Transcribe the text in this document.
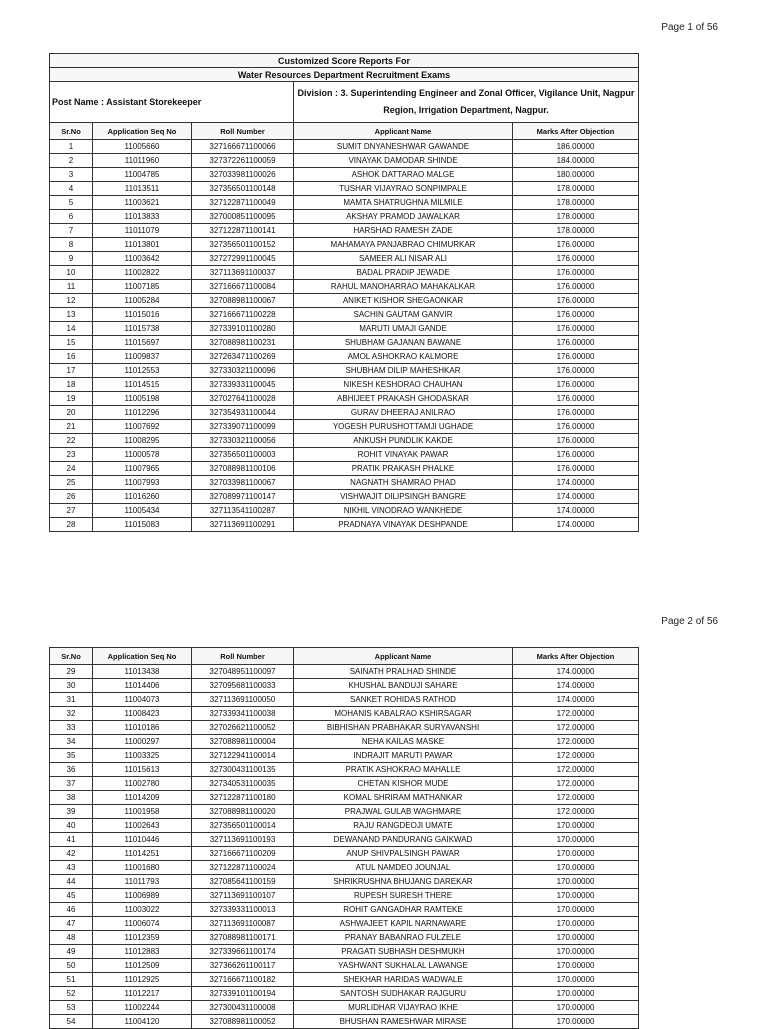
Page 1 of 56
Customized Score Reports For				
Water Resources Department Recruitment Exams				
Post Name : Assistant Storekeeper			Division : 3. Superintending Engineer and Zonal Officer, Vigilance Unit, Nagpur Region, Irrigation Department, Nagpur.	
Sr.No	Application Seq No	Roll Number	Applicant Name	Marks After Objection
1	11005660	327166671100066	SUMIT DNYANESHWAR GAWANDE	186.00000
2	11011960	327372261100059	VINAYAK DAMODAR SHINDE	184.00000
3	11004785	327033981100026	ASHOK DATTARAO MALGE	180.00000
4	11013511	327356501100148	TUSHAR VIJAYRAO SONPIMPALE	178.00000
5	11003621	327122871100049	MAMTA SHATRUGHNA MILMILE	178.00000
6	11013833	327000851100095	AKSHAY PRAMOD JAWALKAR	178.00000
7	11011079	327122871100141	HARSHAD RAMESH ZADE	178.00000
8	11013801	327356501100152	MAHAMAYA PANJABRAO CHIMURKAR	176.00000
9	11003642	327272991100045	SAMEER ALI NISAR ALI	176.00000
10	11002822	327113691100037	BADAL PRADIP JEWADE	176.00000
11	11007185	327166671100084	RAHUL MANOHARRAO MAHAKALKAR	176.00000
12	11005284	327088981100067	ANIKET KISHOR SHEGAONKAR	176.00000
13	11015016	327166671100228	SACHIN GAUTAM GANVIR	176.00000
14	11015738	327339101100280	MARUTI UMAJI GANDE	176.00000
15	11015697	327088981100231	SHUBHAM GAJANAN BAWANE	176.00000
16	11009837	327263471100269	AMOL ASHOKRAO KALMORE	176.00000
17	11012553	327330321100096	SHUBHAM DILIP MAHESHKAR	176.00000
18	11014515	327339331100045	NIKESH KESHORAO CHAUHAN	176.00000
19	11005198	327027641100028	ABHIJEET PRAKASH GHODASKAR	176.00000
20	11012296	327354931100044	GURAV DHEERAJ ANILRAO	176.00000
21	11007692	327339071100099	YOGESH PURUSHOTTAMJI UGHADE	176.00000
22	11008295	327330321100056	ANKUSH PUNDLIK KAKDE	176.00000
23	11000578	327356501100003	ROHIT VINAYAK PAWAR	176.00000
24	11007965	327088981100106	PRATIK PRAKASH PHALKE	176.00000
25	11007993	327033981100067	NAGNATH SHAMRAO PHAD	174.00000
26	11016260	327089971100147	VISHWAJIT DILIPSINGH BANGRE	174.00000
27	11005434	327113541100287	NIKHIL VINODRAO WANKHEDE	174.00000
28	11015083	327113691100291	PRADNAYA VINAYAK DESHPANDE	174.00000
Page 2 of 56
Sr.No	Application Seq No	Roll Number	Applicant Name	Marks After Objection
29	11013438	327048951100097	SAINATH PRALHAD SHINDE	174.00000
30	11014406	327095681100033	KHUSHAL BANDUJI SAHARE	174.00000
31	11004073	327113691100050	SANKET ROHIDAS RATHOD	174.00000
32	11008423	327339341100038	MOHANIS KABALRAO KSHIRSAGAR	172.00000
33	11010186	327026621100052	BIBHISHAN PRABHAKAR SURYAVANSHI	172.00000
34	11000297	327088981100004	NEHA KAILAS MASKE	172.00000
35	11003325	327122941100014	INDRAJIT MARUTI PAWAR	172.00000
36	11015613	327300431100135	PRATIK ASHOKRAO MAHALLE	172.00000
37	11002780	327340531100035	CHETAN KISHOR MUDE	172.00000
38	11014209	327122871100180	KOMAL SHRIRAM MATHANKAR	172.00000
39	11001958	327088981100020	PRAJWAL GULAB WAGHMARE	172.00000
40	11002643	327356501100014	RAJU RANGDEOJI UMATE	170.00000
41	11010446	327113691100193	DEWANAND PANDURANG GAIKWAD	170.00000
42	11014251	327166671100209	ANUP SHIVPALSINGH PAWAR	170.00000
43	11001680	327122871100024	ATUL NAMDEO JOUNJAL	170.00000
44	11011793	327085641100159	SHRIKRUSHNA BHUJANG DAREKAR	170.00000
45	11006989	327113691100107	RUPESH SURESH THERE	170.00000
46	11003022	327339331100013	ROHIT GANGADHAR RAMTEKE	170.00000
47	11006074	327113691100087	ASHWAJEET KAPIL NARNAWARE	170.00000
48	11012359	327088981100171	PRANAY BABANRAO FULZELE	170.00000
49	11012883	327339661100174	PRAGATI SUBHASH DESHMUKH	170.00000
50	11012509	327366261100117	YASHWANT SUKHALAL LAWANGE	170.00000
51	11012925	327166671100182	SHEKHAR HARIDAS WADWALE	170.00000
52	11012217	327339101100194	SANTOSH SUDHAKAR RAJGURU	170.00000
53	11002244	327300431100008	MURLIDHAR VIJAYRAO IKHE	170.00000
54	11004120	327088981100052	BHUSHAN RAMESHWAR MIRASE	170.00000
